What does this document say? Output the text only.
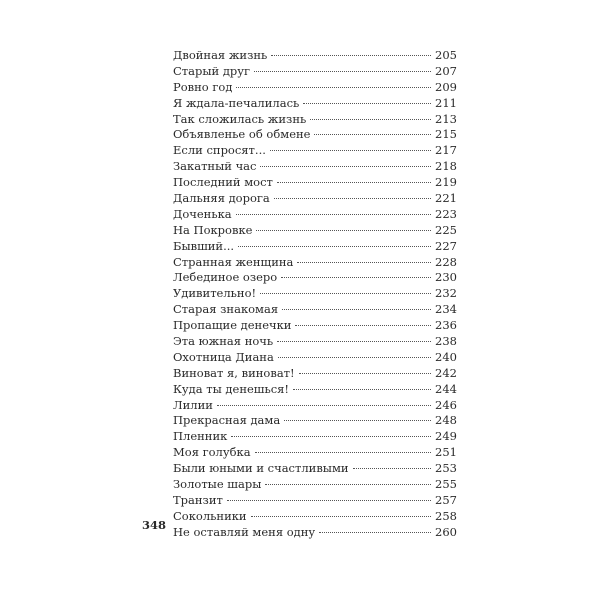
Двойная жизнь	205
Старый друг	207
Ровно год	209
Я ждала-печалилась	211
Так сложилась жизнь	213
Объявленье об обмене	215
Если спросят...	217
Закатный час	218
Последний мост	219
Дальняя дорога	221
Доченька	223
На Покровке	225
Бывший...	227
Странная женщина	228
Лебединое озеро	230
Удивительно!	232
Старая знакомая	234
Пропащие денечки	236
Эта южная ночь	238
Охотница Диана	240
Виноват я, виноват!	242
Куда ты денешься!	244
Лилии	246
Прекрасная дама	248
Пленник	249
Моя голубка	251
Были юными и счастливыми	253
Золотые шары	255
Транзит	257
Сокольники	258
Не оставляй меня одну	260
348
